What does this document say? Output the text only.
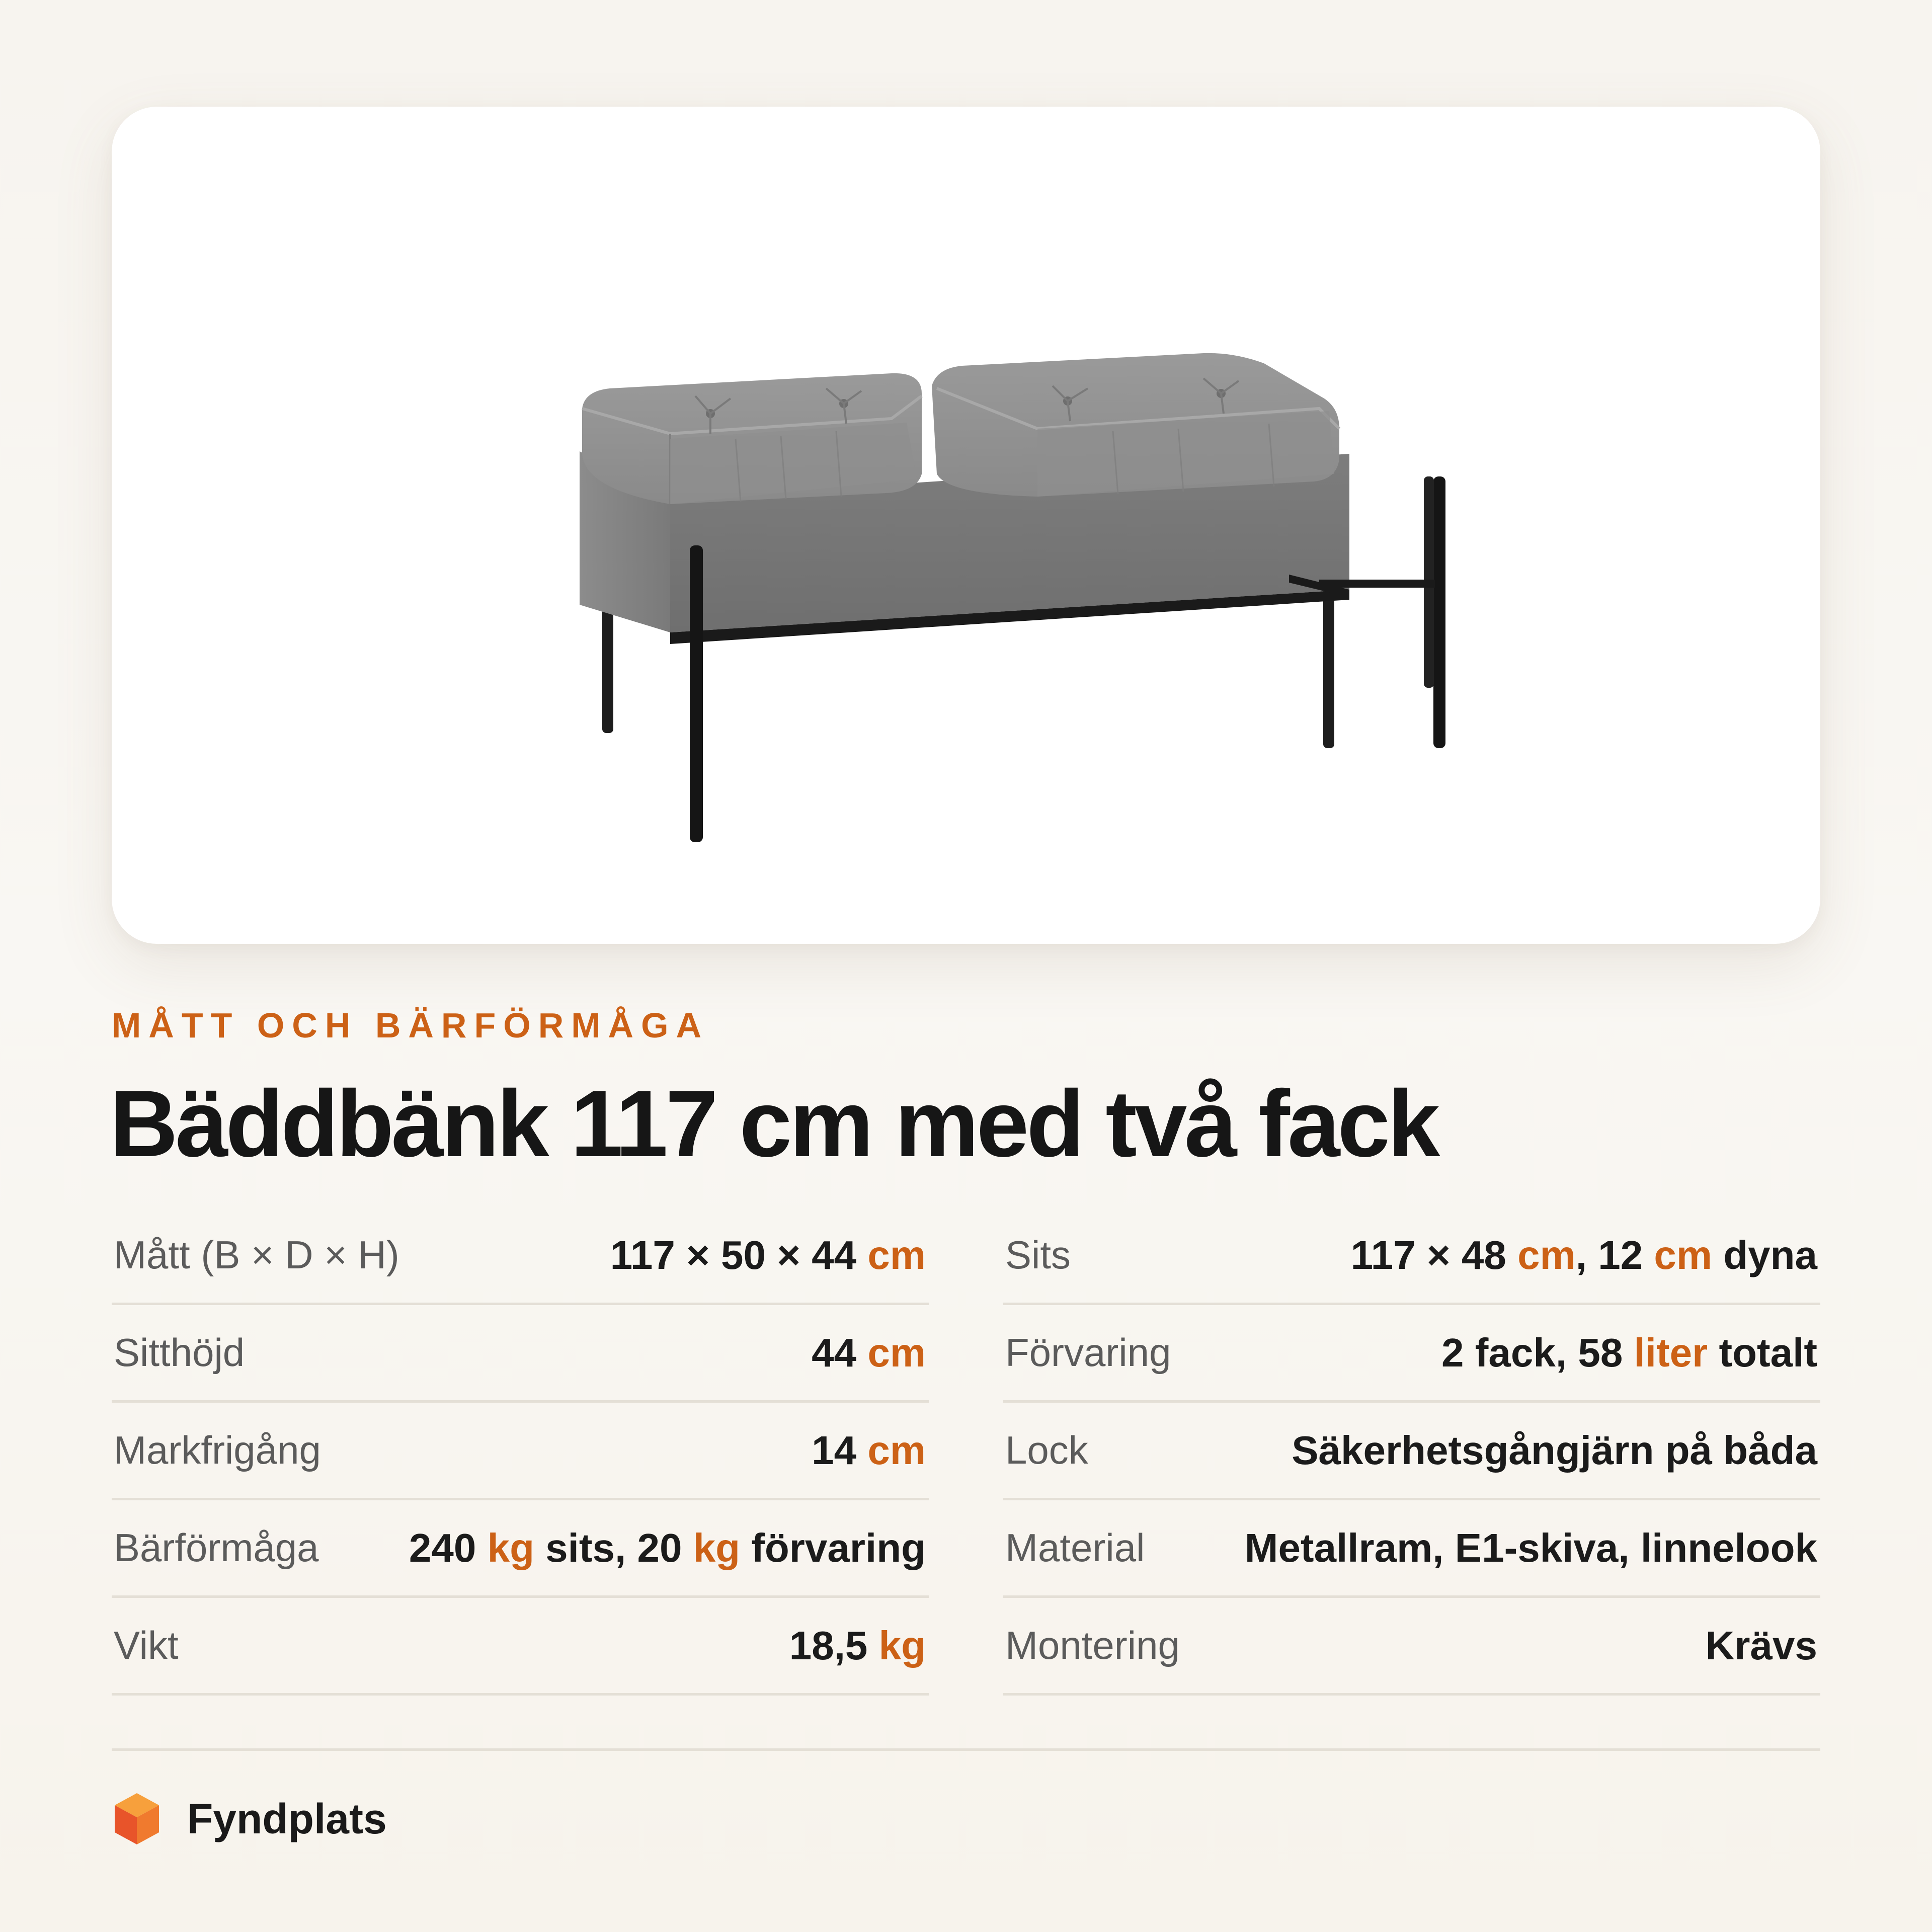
MÅTT OCH BÄRFÖRMÅGA
Bäddbänk 117 cm med två fack
Mått (B × D × H)	117 × 50 × 44 cm
Sitthöjd	44 cm
Markfrigång	14 cm
Bärförmåga 240 kg sits, 20 kg förvaring
Vikt	18,5 kg
Sits	117 × 48 cm, 12 cm dyna
Förvaring	2 fack, 58 liter totalt
Lock	Säkerhetsgångjärn på båda
Material Metallram, E1-skiva, linnelook
Montering	Krävs
Fyndplats
